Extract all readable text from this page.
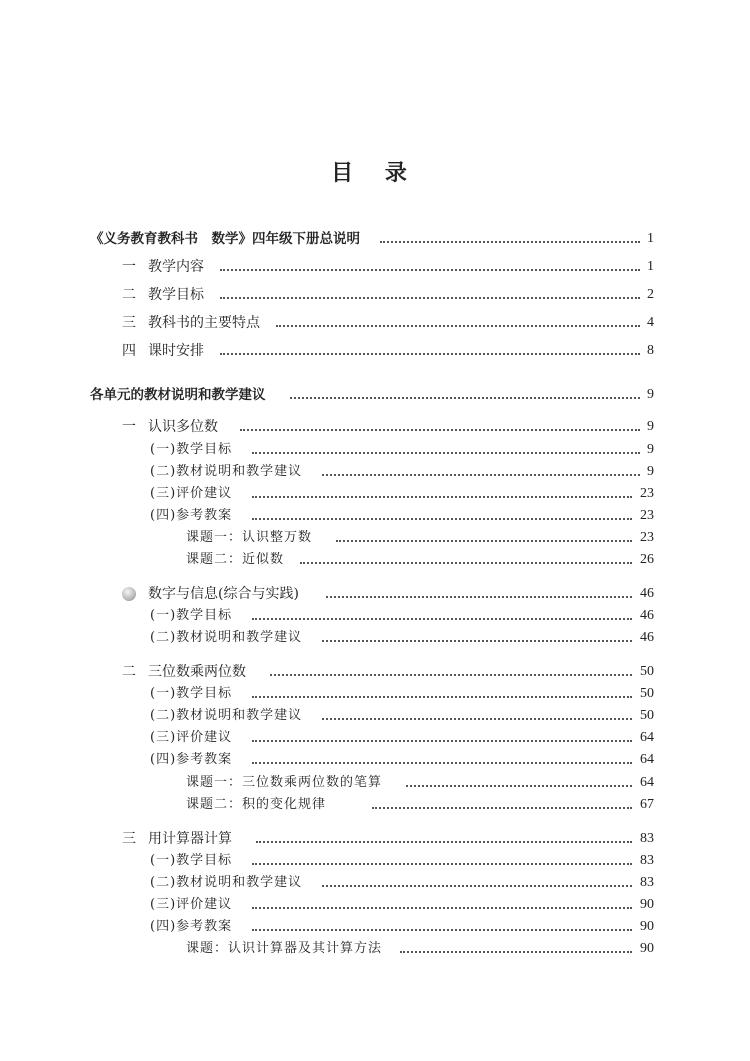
目 录
《义务教育教科书　数学》四年级下册总说明	1
一 教学内容	1
二 教学目标	2
三 教科书的主要特点	4
四 课时安排	8
各单元的教材说明和教学建议	9
一 认识多位数	9
(一)教学目标	9
(二)教材说明和教学建议	9
(三)评价建议	23
(四)参考教案	23
课题一：认识整万数	23
课题二：近似数	26
数字与信息(综合与实践)	46
(一)教学目标	46
(二)教材说明和教学建议	46
二 三位数乘两位数	50
(一)教学目标	50
(二)教材说明和教学建议	50
(三)评价建议	64
(四)参考教案	64
课题一：三位数乘两位数的笔算	64
课题二：积的变化规律	67
三 用计算器计算	83
(一)教学目标	83
(二)教材说明和教学建议	83
(三)评价建议	90
(四)参考教案	90
课题：认识计算器及其计算方法	90
